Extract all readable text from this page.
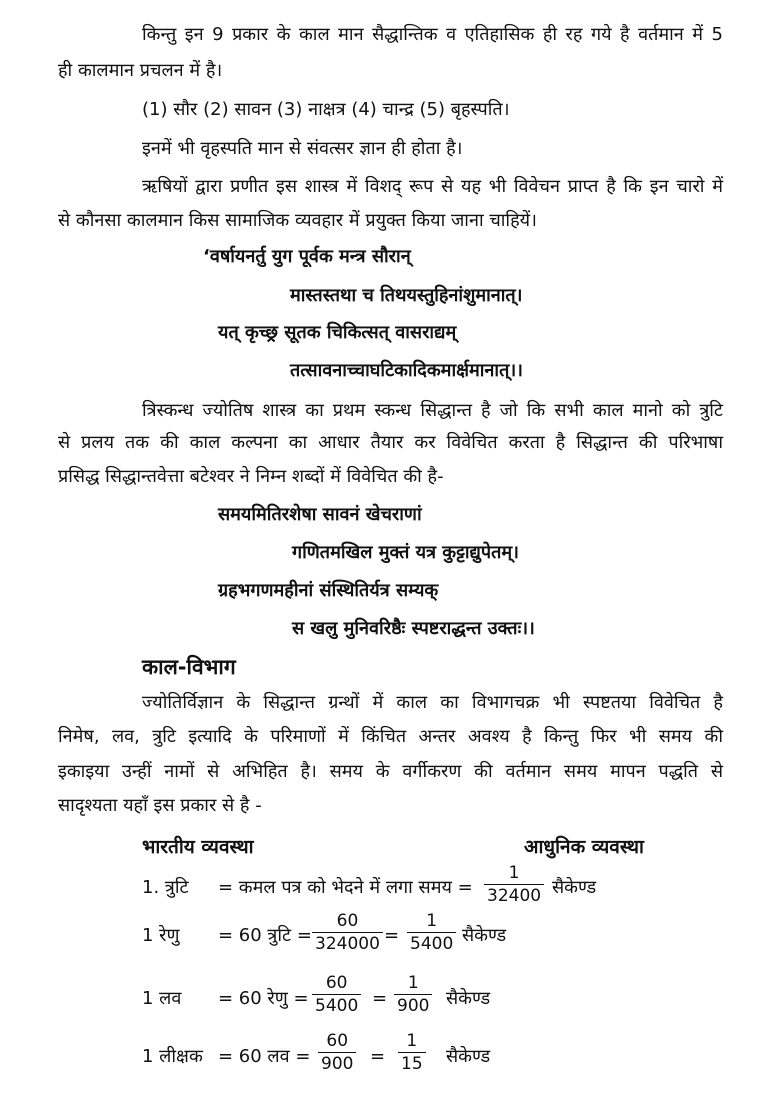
किन्तु इन 9 प्रकार के काल मान सैद्धान्तिक व एतिहासिक ही रह गये है वर्तमान में 5
ही कालमान प्रचलन में है।
(1) सौर (2) सावन (3) नाक्षत्र (4) चान्द्र (5) बृहस्पति।
इनमें भी वृहस्पति मान से संवत्सर ज्ञान ही होता है।
ऋषियों द्वारा प्रणीत इस शास्त्र में विशद् रूप से यह भी विवेचन प्राप्त है कि इन चारो में
से कौनसा कालमान किस सामाजिक व्यवहार में प्रयुक्त किया जाना चाहियें।
‘वर्षायनर्तु युग पूर्वक मन्त्र सौरान्
मास्तस्तथा च तिथयस्तुहिनांशुमानात्।
यत् कृच्छ्र सूतक चिकित्सत् वासराद्यम्
तत्सावनाच्चाघटिकादिकमार्क्षमानात्।।
त्रिस्कन्ध ज्योतिष शास्त्र का प्रथम स्कन्ध सिद्धान्त है जो कि सभी काल मानो को त्रुटि
से प्रलय तक की काल कल्पना का आधार तैयार कर विवेचित करता है सिद्धान्त की परिभाषा
प्रसिद्ध सिद्धान्तवेत्ता बटेश्वर ने निम्न शब्दों में विवेचित की है-
समयमितिरशेषा सावनं खेचराणां
गणितमखिल मुक्तं यत्र कुट्टाद्युपेतम्।
ग्रहभगणमहीनां संस्थितिर्यत्र सम्यक्
स खलु मुनिवरिष्ठैः स्पष्टराद्धन्त उक्तः।।
काल-विभाग
ज्योतिर्विज्ञान के सिद्धान्त ग्रन्थों में काल का विभागचक्र भी स्पष्टतया विवेचित है
निमेष, लव, त्रुटि इत्यादि के परिमाणों में किंचित अन्तर अवश्य है किन्तु फिर भी समय की
इकाइया उन्हीं नामों से अभिहित है। समय के वर्गीकरण की वर्तमान समय मापन पद्धति से
सादृश्यता यहाँ इस प्रकार से है -
भारतीय व्यवस्था	आधुनिक व्यवस्था
1. त्रुटि = कमल पत्र को भेदने में लगा समय =
1
32400 सैकेण्ड
1 रेणु = 60 त्रुटि =
60
324000 =
1
5400 सैकेण्ड
1 लव = 60 रेणु =
60
5400 =
1
900 सैकेण्ड
1 लीक्षक = 60 लव =
60
900 =
1
15 सैकेण्ड
